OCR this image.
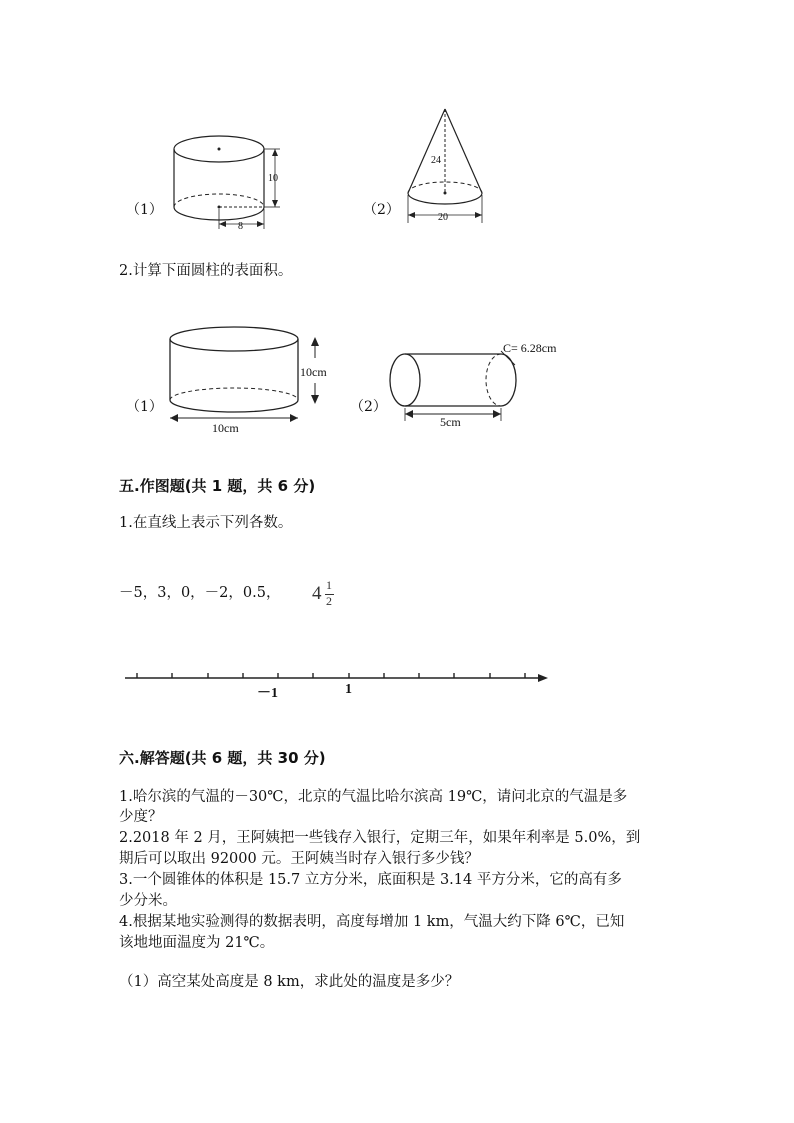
（1）
10
8
（2）
24
20
2.计算下面圆柱的表面积。
（1）
10cm
10cm
（2）
C= 6.28cm
5cm
五.作图题(共 1 题，共 6 分)
1.在直线上表示下列各数。
－5，3，0，－2，0.5， 4 1
2
－1	1
六.解答题(共 6 题，共 30 分)
1.哈尔滨的气温的－30℃，北京的气温比哈尔滨高 19℃，请问北京的气温是多
少度？
2.2018 年 2 月，王阿姨把一些钱存入银行，定期三年，如果年利率是 5.0%，到
期后可以取出 92000 元。王阿姨当时存入银行多少钱？
3.一个圆锥体的体积是 15.7 立方分米，底面积是 3.14 平方分米，它的高有多
少分米。
4.根据某地实验测得的数据表明，高度每增加 1 km，气温大约下降 6℃，已知
该地地面温度为 21℃。
（1）高空某处高度是 8 km，求此处的温度是多少？
